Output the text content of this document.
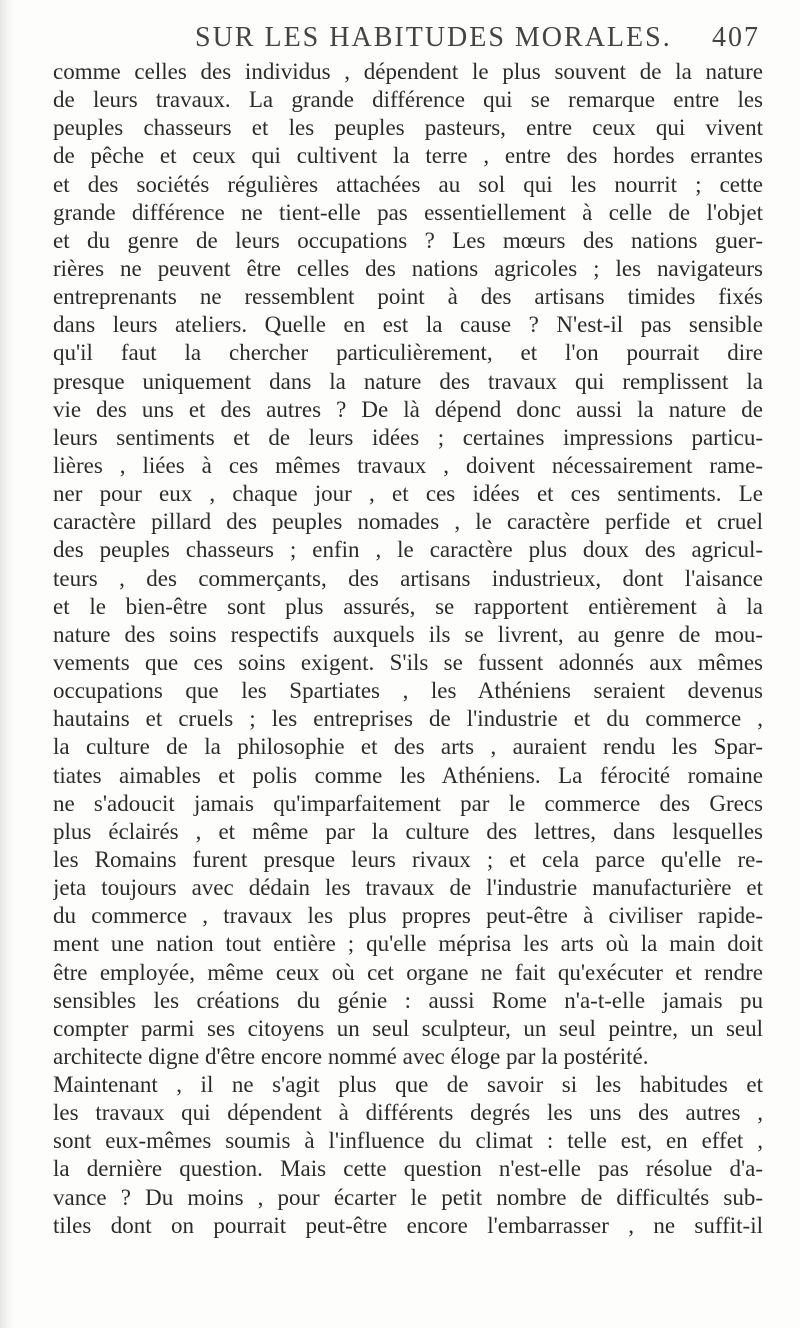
SUR LES HABITUDES MORALES. 407
comme celles des individus , dépendent le plus souvent de la nature
de leurs travaux. La grande différence qui se remarque entre les
peuples chasseurs et les peuples pasteurs, entre ceux qui vivent
de pêche et ceux qui cultivent la terre , entre des hordes errantes
et des sociétés régulières attachées au sol qui les nourrit ; cette
grande différence ne tient-elle pas essentiellement à celle de l'objet
et du genre de leurs occupations ? Les mœurs des nations guer-
rières ne peuvent être celles des nations agricoles ; les navigateurs
entreprenants ne ressemblent point à des artisans timides fixés
dans leurs ateliers. Quelle en est la cause ? N'est-il pas sensible
qu'il faut la chercher particulièrement, et l'on pourrait dire
presque uniquement dans la nature des travaux qui remplissent la
vie des uns et des autres ? De là dépend donc aussi la nature de
leurs sentiments et de leurs idées ; certaines impressions particu-
lières , liées à ces mêmes travaux , doivent nécessairement rame-
ner pour eux , chaque jour , et ces idées et ces sentiments. Le
caractère pillard des peuples nomades , le caractère perfide et cruel
des peuples chasseurs ; enfin , le caractère plus doux des agricul-
teurs , des commerçants, des artisans industrieux, dont l'aisance
et le bien-être sont plus assurés, se rapportent entièrement à la
nature des soins respectifs auxquels ils se livrent, au genre de mou-
vements que ces soins exigent. S'ils se fussent adonnés aux mêmes
occupations que les Spartiates , les Athéniens seraient devenus
hautains et cruels ; les entreprises de l'industrie et du commerce ,
la culture de la philosophie et des arts , auraient rendu les Spar-
tiates aimables et polis comme les Athéniens. La férocité romaine
ne s'adoucit jamais qu'imparfaitement par le commerce des Grecs
plus éclairés , et même par la culture des lettres, dans lesquelles
les Romains furent presque leurs rivaux ; et cela parce qu'elle re-
jeta toujours avec dédain les travaux de l'industrie manufacturière et
du commerce , travaux les plus propres peut-être à civiliser rapide-
ment une nation tout entière ; qu'elle méprisa les arts où la main doit
être employée, même ceux où cet organe ne fait qu'exécuter et rendre
sensibles les créations du génie : aussi Rome n'a-t-elle jamais pu
compter parmi ses citoyens un seul sculpteur, un seul peintre, un seul
architecte digne d'être encore nommé avec éloge par la postérité.
Maintenant , il ne s'agit plus que de savoir si les habitudes et
les travaux qui dépendent à différents degrés les uns des autres ,
sont eux-mêmes soumis à l'influence du climat : telle est, en effet ,
la dernière question. Mais cette question n'est-elle pas résolue d'a-
vance ? Du moins , pour écarter le petit nombre de difficultés sub-
tiles dont on pourrait peut-être encore l'embarrasser , ne suffit-il
